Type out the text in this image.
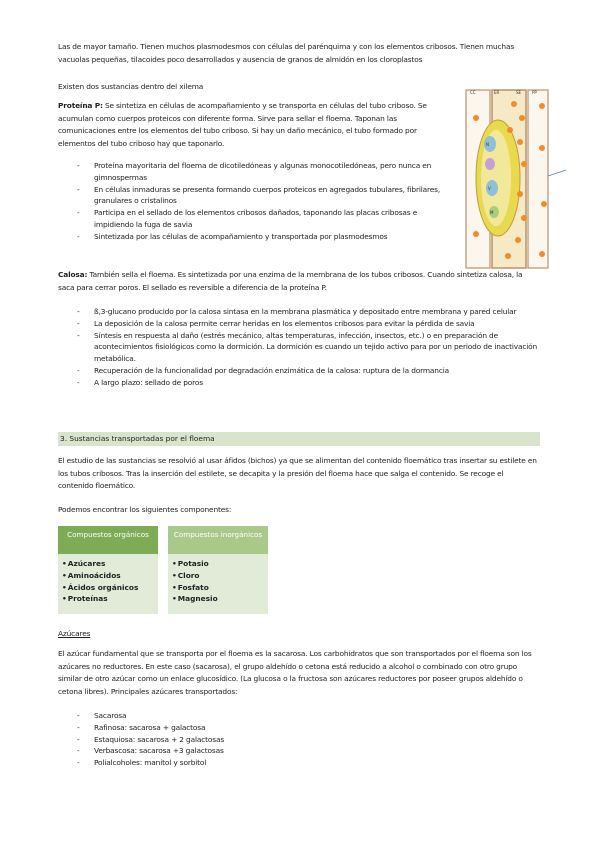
Las de mayor tamaño. Tienen muchos plasmodesmos con células del parénquima y con los elementos cribosos. Tienen muchas vacuolas pequeñas, tilacoides poco desarrollados y ausencia de granos de almidón en los cloroplastos

Existen dos sustancias dentro del xilema

Proteína P: Se sintetiza en células de acompañamiento y se transporta en células del tubo criboso. Se acumulan como cuerpos proteicos con diferente forma. Sirve para sellar el floema. Taponan las comunicaciones entre los elementos del tubo criboso. Si hay un daño mecánico, el tubo formado por elementos del tubo criboso hay que taponarlo.

- Proteína mayoritaria del floema de dicotiledóneas y algunas monocotiledóneas, pero nunca en gimnospermas
- En células inmaduras se presenta formando cuerpos proteicos en agregados tubulares, fibrilares, granulares o cristalinos
- Participa en el sellado de los elementos cribosos dañados, taponando las placas cribosas e impidiendo la fuga de savia
- Sintetizada por las células de acompañamiento y transportada por plasmodesmos
ER	SE
CC	PP
N
V
M

Calosa: También sella el floema. Es sintetizada por una enzima de la membrana de los tubos cribosos. Cuando sintetiza calosa, la saca para cerrar poros. El sellado es reversible a diferencia de la proteína P.

- ß,3-glucano producido por la calosa sintasa en la membrana plasmática y depositado entre membrana y pared celular
- La deposición de la calosa permite cerrar heridas en los elementos cribosos para evitar la pérdida de savia
- Síntesis en respuesta al daño (estrés mecánico, altas temperaturas, infección, insectos, etc.) o en preparación de acontecimientos fisiológicos como la dormición. La dormición es cuando un tejido activo para por un periodo de inactivación metabólica.
- Recuperación de la funcionalidad por degradación enzimática de la calosa: ruptura de la dormancia
- A largo plazo: sellado de poros
3. Sustancias transportadas por el floema

El estudio de las sustancias se resolvió al usar áfidos (bichos) ya que se alimentan del contenido floemático tras insertar su estilete en los tubos cribosos. Tras la inserción del estilete, se decapita y la presión del floema hace que salga el contenido. Se recoge el contenido floemático.

Podemos encontrar los siguientes componentes:

Compuestos orgánicos
• Azúcares
• Aminoácidos
• Ácidos orgánicos
• Proteínas
Compuestos inorgánicos
• Potasio
• Cloro
• Fosfato
• Magnesio

Azúcares

El azúcar fundamental que se transporta por el floema es la sacarosa. Los carbohidratos que son transportados por el floema son los azúcares no reductores. En este caso (sacarosa), el grupo aldehído o cetona está reducido a alcohol o combinado con otro grupo similar de otro azúcar como un enlace glucosídico. (La glucosa o la fructosa son azúcares reductores por poseer grupos aldehído o cetona libres). Principales azúcares transportados:

- Sacarosa
- Rafinosa: sacarosa + galactosa
- Estaquiosa: sacarosa + 2 galactosas
- Verbascosa: sacarosa +3 galactosas
- Polialcoholes: manitol y sorbitol
